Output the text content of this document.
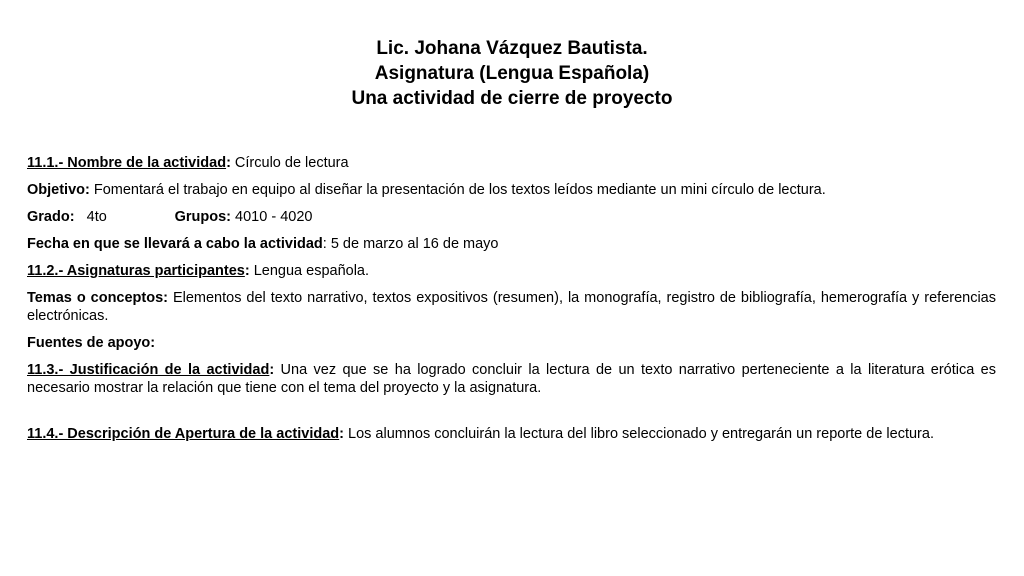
Lic. Johana Vázquez Bautista.
Asignatura (Lengua Española)
Una actividad de cierre de proyecto

11.1.- Nombre de la actividad: Círculo de lectura

Objetivo: Fomentará el trabajo en equipo al diseñar la presentación de los textos leídos mediante un mini círculo de lectura.

Grado: 4to	Grupos: 4010 - 4020

Fecha en que se llevará a cabo la actividad: 5 de marzo al 16 de mayo

11.2.- Asignaturas participantes: Lengua española.

Temas o conceptos: Elementos del texto narrativo, textos expositivos (resumen), la monografía, registro de bibliografía, hemerografía y referencias electrónicas.

Fuentes de apoyo:

11.3.- Justificación de la actividad: Una vez que se ha logrado concluir la lectura de un texto narrativo perteneciente a la literatura erótica es necesario mostrar la relación que tiene con el tema del proyecto y la asignatura.

11.4.- Descripción de Apertura de la actividad: Los alumnos concluirán la lectura del libro seleccionado y entregarán un reporte de lectura.
